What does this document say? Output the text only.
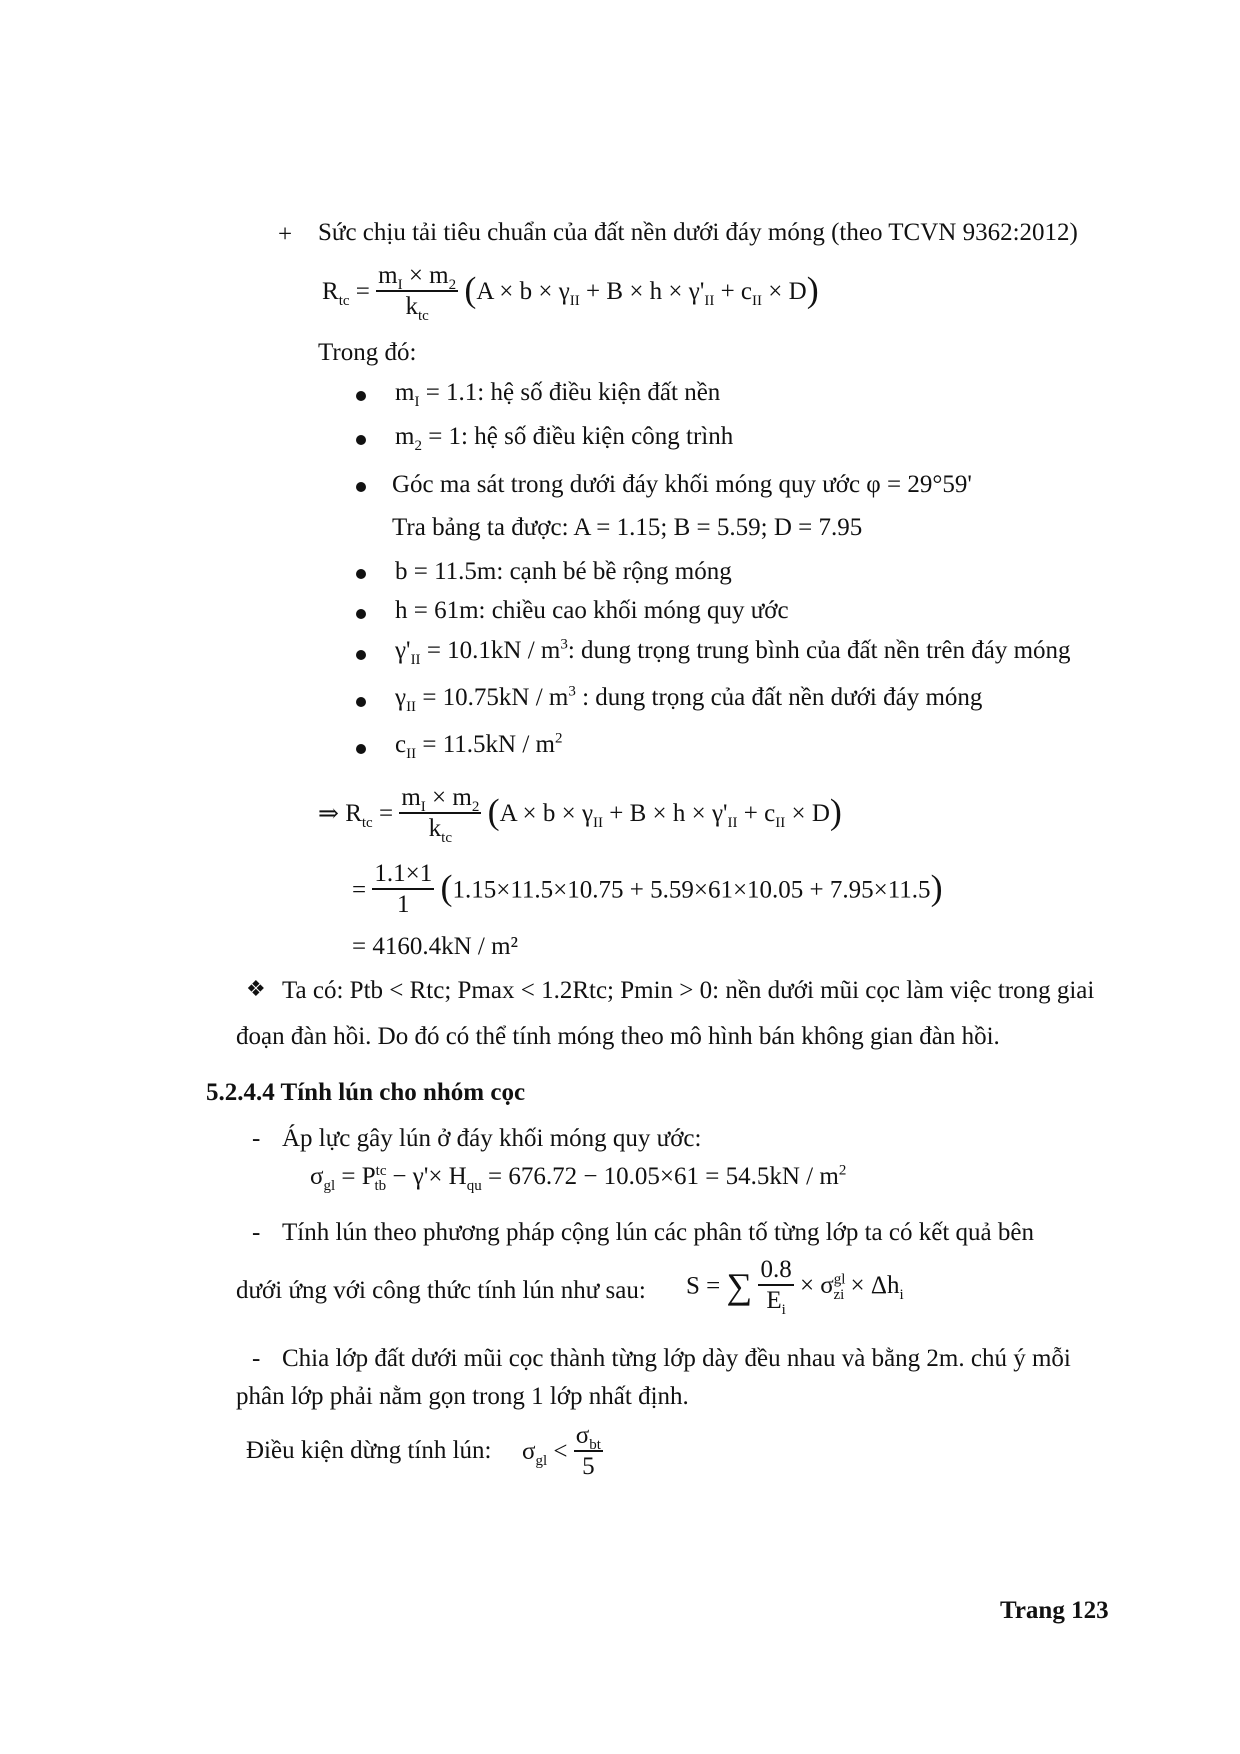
+ Sức chịu tải tiêu chuẩn của đất nền dưới đáy móng (theo TCVN 9362:2012)
$R_{tc} = \frac{m_I \times m_2}{k_{tc}} (A \times b \times \gamma_{II} + B \times h \times \gamma'_{II} + c_{II} \times D)$
Trong đó:
$m_I = 1.1$: hệ số điều kiện đất nền
$m_2 = 1$: hệ số điều kiện công trình
Góc ma sát trong dưới đáy khối móng quy ước φ = 29°59'
Tra bảng ta được: A = 1.15; B = 5.59; D = 7.95
b = 11.5m: cạnh bé bề rộng móng
h = 61m: chiều cao khối móng quy ước
$\gamma'_{II} = 10.1kN / m^3$: dung trọng trung bình của đất nền trên đáy móng
$\gamma_{II} = 10.75kN / m^3$ : dung trọng của đất nền dưới đáy móng
$c_{II} = 11.5kN / m^2$
⇒ $R_{tc} = \frac{m_I \times m_2}{k_{tc}} (A \times b \times \gamma_{II} + B \times h \times \gamma'_{II} + c_{II} \times D)$
= $\frac{1.1\times 1}{1} (1.15\times 11.5\times 10.75 + 5.59\times 61\times 10.05 + 7.95\times 11.5)$
= 4160.4kN / m²
❖ Ta có: Ptb < Rtc; Pmax < 1.2Rtc; Pmin > 0: nền dưới mũi cọc làm việc trong giai
đoạn đàn hồi. Do đó có thể tính móng theo mô hình bán không gian đàn hồi.
5.2.4.4 Tính lún cho nhóm cọc
- Áp lực gây lún ở đáy khối móng quy ước:
$\sigma_{gl} = P^{tc}_{tb} - \gamma'\times H_{qu} = 676.72 - 10.05\times 61 = 54.5kN / m^2$
- Tính lún theo phương pháp cộng lún các phân tố từng lớp ta có kết quả bên
dưới ứng với công thức tính lún như sau: S = ∑ $\frac{0.8}{E_i} \times \sigma^{gl}_{zi} \times \Delta h_i$
- Chia lớp đất dưới mũi cọc thành từng lớp dày đều nhau và bằng 2m. chú ý mỗi
phân lớp phải nằm gọn trong 1 lớp nhất định.
Điều kiện dừng tính lún: $\sigma_{gl} < \frac{\sigma_{bt}}{5}$
Trang 123
